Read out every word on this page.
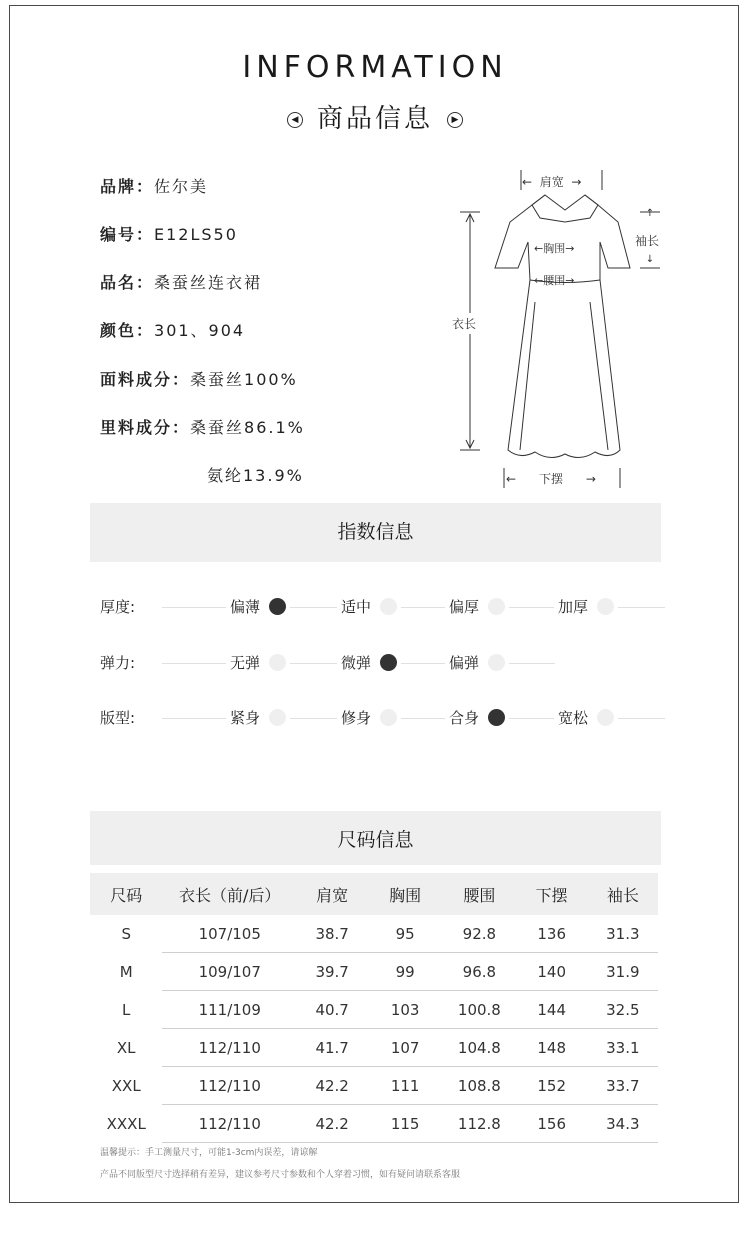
INFORMATION
◀ 商品信息 ▶
品牌：佐尔美
编号：E12LS50
品名：桑蚕丝连衣裙
颜色：301、904
面料成分：桑蚕丝100%
里料成分：桑蚕丝86.1%
氨纶13.9%
←  肩宽  →
↑
袖长
↓
←胸围→
←腰围→
衣长
←      下摆      →
指数信息
厚度:	偏薄	适中	偏厚	加厚
弹力:	无弹	微弹	偏弹
版型:	紧身	修身	合身	宽松
尺码信息
尺码	衣长（前/后）	肩宽	胸围	腰围	下摆	袖长
S	107/105	38.7	95	92.8	136	31.3
M	109/107	39.7	99	96.8	140	31.9
L	111/109	40.7	103	100.8	144	32.5
XL	112/110	41.7	107	104.8	148	33.1
XXL	112/110	42.2	111	108.8	152	33.7
XXXL	112/110	42.2	115	112.8	156	34.3
温馨提示：手工测量尺寸，可能1-3cm内误差，请谅解
产品不同版型尺寸选择稍有差异，建议参考尺寸参数和个人穿着习惯，如有疑问请联系客服
